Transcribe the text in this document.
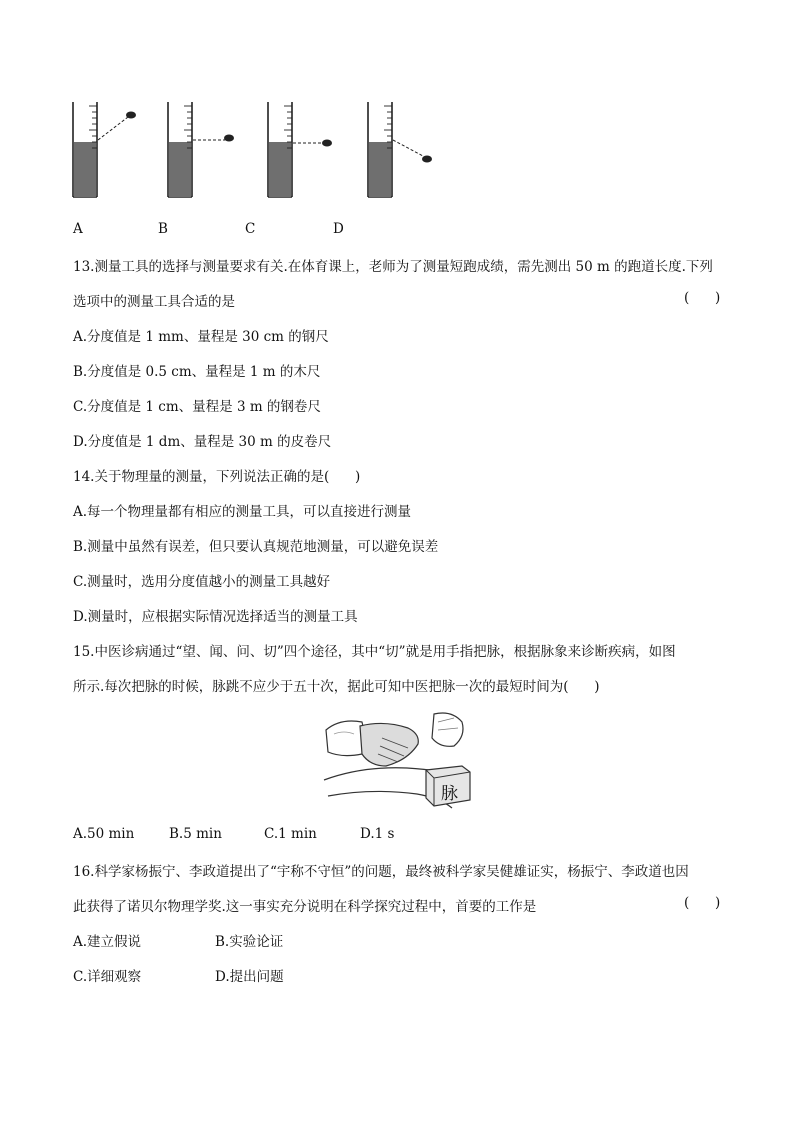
A	B	C	D
13.测量工具的选择与测量要求有关.在体育课上，老师为了测量短跑成绩，需先测出 50 m 的跑道长度.下列
选项中的测量工具合适的是	(      )
A.分度值是 1 mm、量程是 30 cm 的钢尺
B.分度值是 0.5 cm、量程是 1 m 的木尺
C.分度值是 1 cm、量程是 3 m 的钢卷尺
D.分度值是 1 dm、量程是 30 m 的皮卷尺
14.关于物理量的测量，下列说法正确的是(      )
A.每一个物理量都有相应的测量工具，可以直接进行测量
B.测量中虽然有误差，但只要认真规范地测量，可以避免误差
C.测量时，选用分度值越小的测量工具越好
D.测量时，应根据实际情况选择适当的测量工具
15.中医诊病通过“望、闻、问、切”四个途径，其中“切”就是用手指把脉，根据脉象来诊断疾病，如图
所示.每次把脉的时候，脉跳不应少于五十次，据此可知中医把脉一次的最短时间为(      )
脉
A.50 min	B.5 min	C.1 min	D.1 s
16.科学家杨振宁、李政道提出了“宇称不守恒”的问题，最终被科学家吴健雄证实，杨振宁、李政道也因
此获得了诺贝尔物理学奖.这一事实充分说明在科学探究过程中，首要的工作是	(      )
A.建立假说	B.实验论证
C.详细观察	D.提出问题
